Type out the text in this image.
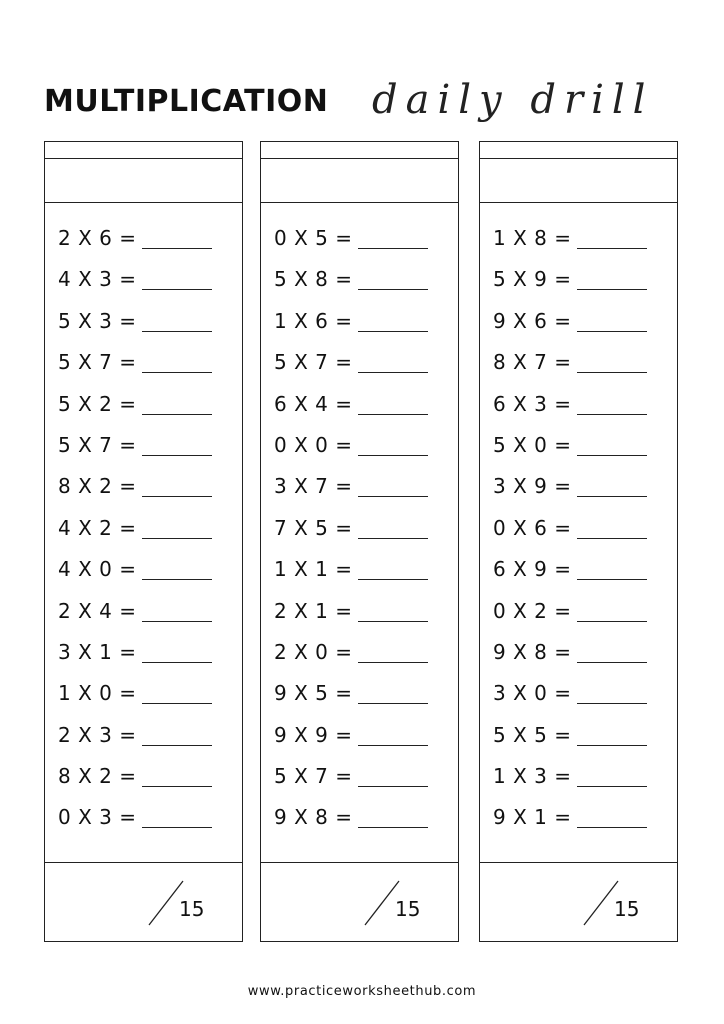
MULTIPLICATION daily drill
2 X 6 =
4 X 3 =
5 X 3 =
5 X 7 =
5 X 2 =
5 X 7 =
8 X 2 =
4 X 2 =
4 X 0 =
2 X 4 =
3 X 1 =
1 X 0 =
2 X 3 =
8 X 2 =
0 X 3 =
15
0 X 5 =
5 X 8 =
1 X 6 =
5 X 7 =
6 X 4 =
0 X 0 =
3 X 7 =
7 X 5 =
1 X 1 =
2 X 1 =
2 X 0 =
9 X 5 =
9 X 9 =
5 X 7 =
9 X 8 =
15
1 X 8 =
5 X 9 =
9 X 6 =
8 X 7 =
6 X 3 =
5 X 0 =
3 X 9 =
0 X 6 =
6 X 9 =
0 X 2 =
9 X 8 =
3 X 0 =
5 X 5 =
1 X 3 =
9 X 1 =
15
www.practiceworksheethub.com
